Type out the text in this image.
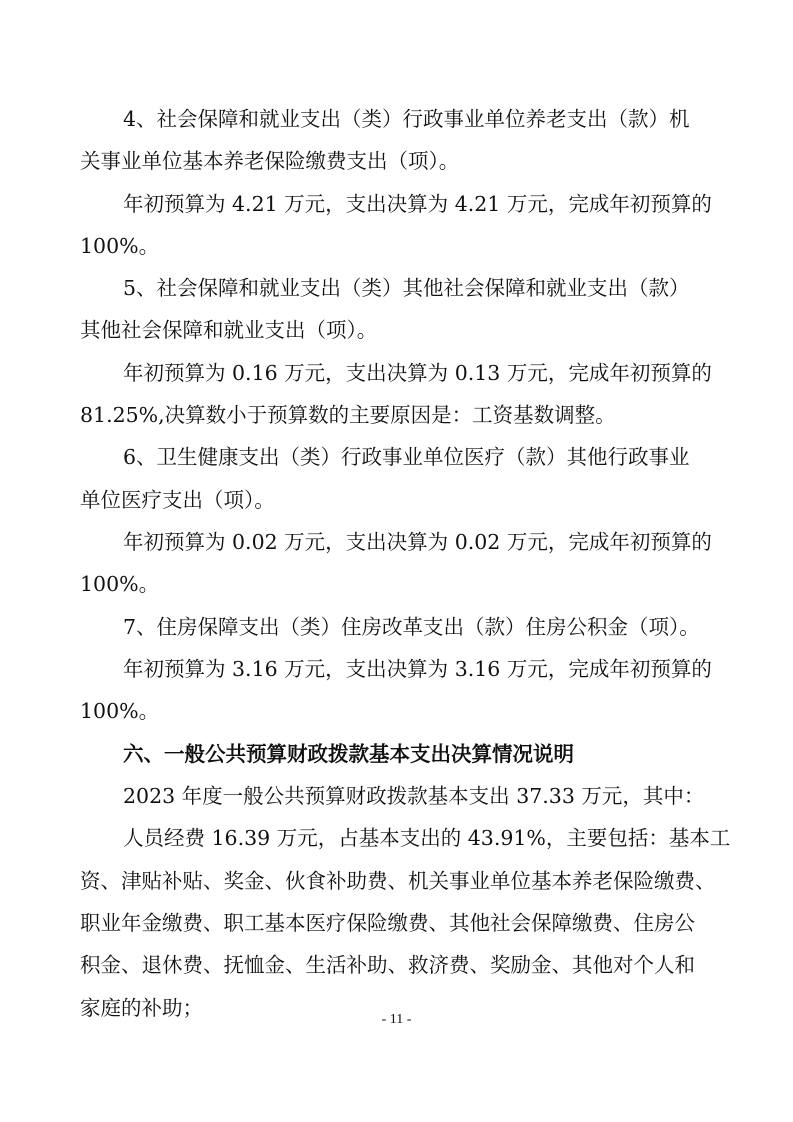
4、社会保障和就业支出（类）行政事业单位养老支出（款）机
关事业单位基本养老保险缴费支出（项）。
年初预算为 4.21 万元，支出决算为 4.21 万元，完成年初预算的
100%。
5、社会保障和就业支出（类）其他社会保障和就业支出（款）
其他社会保障和就业支出（项）。
年初预算为 0.16 万元，支出决算为 0.13 万元，完成年初预算的
81.25%,决算数小于预算数的主要原因是：工资基数调整。
6、卫生健康支出（类）行政事业单位医疗（款）其他行政事业
单位医疗支出（项）。
年初预算为 0.02 万元，支出决算为 0.02 万元，完成年初预算的
100%。
7、住房保障支出（类）住房改革支出（款）住房公积金（项）。
年初预算为 3.16 万元，支出决算为 3.16 万元，完成年初预算的
100%。
六、一般公共预算财政拨款基本支出决算情况说明
2023 年度一般公共预算财政拨款基本支出 37.33 万元，其中：
人员经费 16.39 万元，占基本支出的 43.91%，主要包括：基本工
资、津贴补贴、奖金、伙食补助费、机关事业单位基本养老保险缴费、
职业年金缴费、职工基本医疗保险缴费、其他社会保障缴费、住房公
积金、退休费、抚恤金、生活补助、救济费、奖励金、其他对个人和
家庭的补助；	- 11 -
